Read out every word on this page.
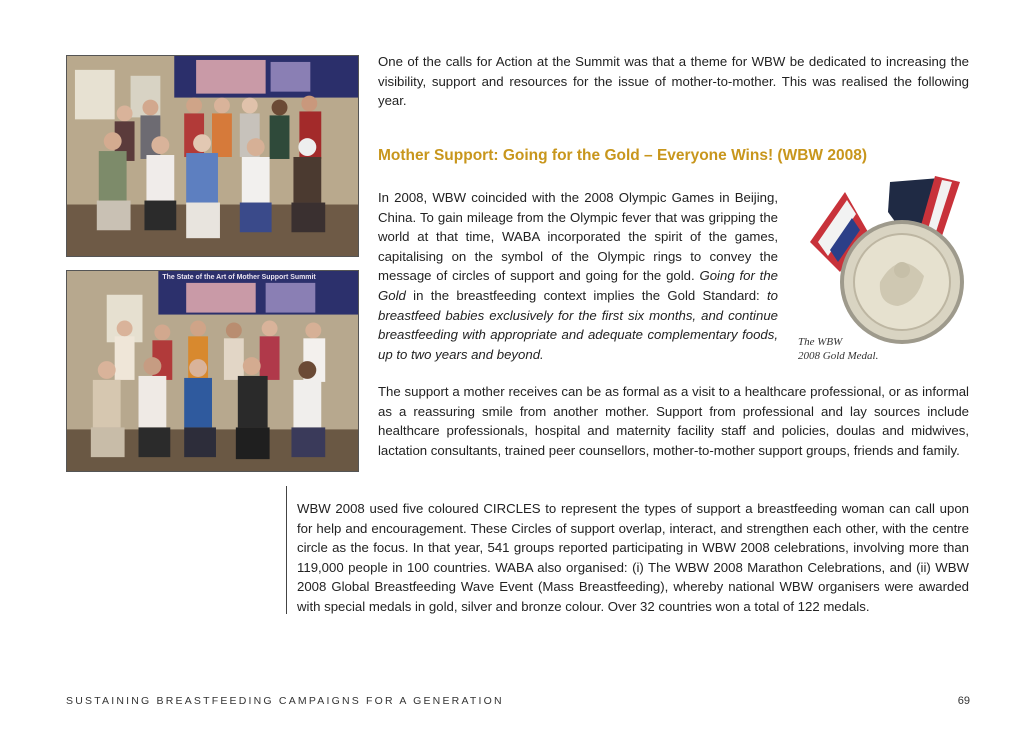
The State of the Art of Mother Support Summit

One of the calls for Action at the Summit was that a theme for WBW be dedicated to increasing the visibility, support and resources for the issue of mother-to-mother. This was realised the following year.

Mother Support: Going for the Gold – Everyone Wins! (WBW 2008)

In 2008, WBW coincided with the 2008 Olympic Games in Beijing, China. To gain mileage from the Olympic fever that was gripping the world at that time, WABA incorporated the spirit of the games, capitalising on the symbol of the Olympic rings to convey the message of circles of support and going for the gold. Going for the Gold in the breastfeeding context implies the Gold Standard: to breastfeed babies exclusively for the first six months, and continue breastfeeding with appropriate and adequate complementary foods, up to two years and beyond.

The WBW
2008 Gold Medal.

The support a mother receives can be as formal as a visit to a healthcare professional, or as informal as a reassuring smile from another mother. Support from professional and lay sources include healthcare professionals, hospital and maternity facility staff and policies, doulas and midwives, lactation consultants, trained peer counsellors, mother-to-mother support groups, friends and family.

WBW 2008 used five coloured CIRCLES to represent the types of support a breastfeeding woman can call upon for help and encouragement. These Circles of support overlap, interact, and strengthen each other, with the centre circle as the focus. In that year, 541 groups reported participating in WBW 2008 celebrations, involving more than 119,000 people in 100 countries. WABA also organised: (i) The WBW 2008 Marathon Celebrations, and (ii) WBW 2008 Global Breastfeeding Wave Event (Mass Breastfeeding), whereby national WBW organisers were awarded with special medals in gold, silver and bronze colour. Over 32 countries won a total of 122 medals.

SUSTAINING BREASTFEEDING CAMPAIGNS FOR A GENERATION	69
